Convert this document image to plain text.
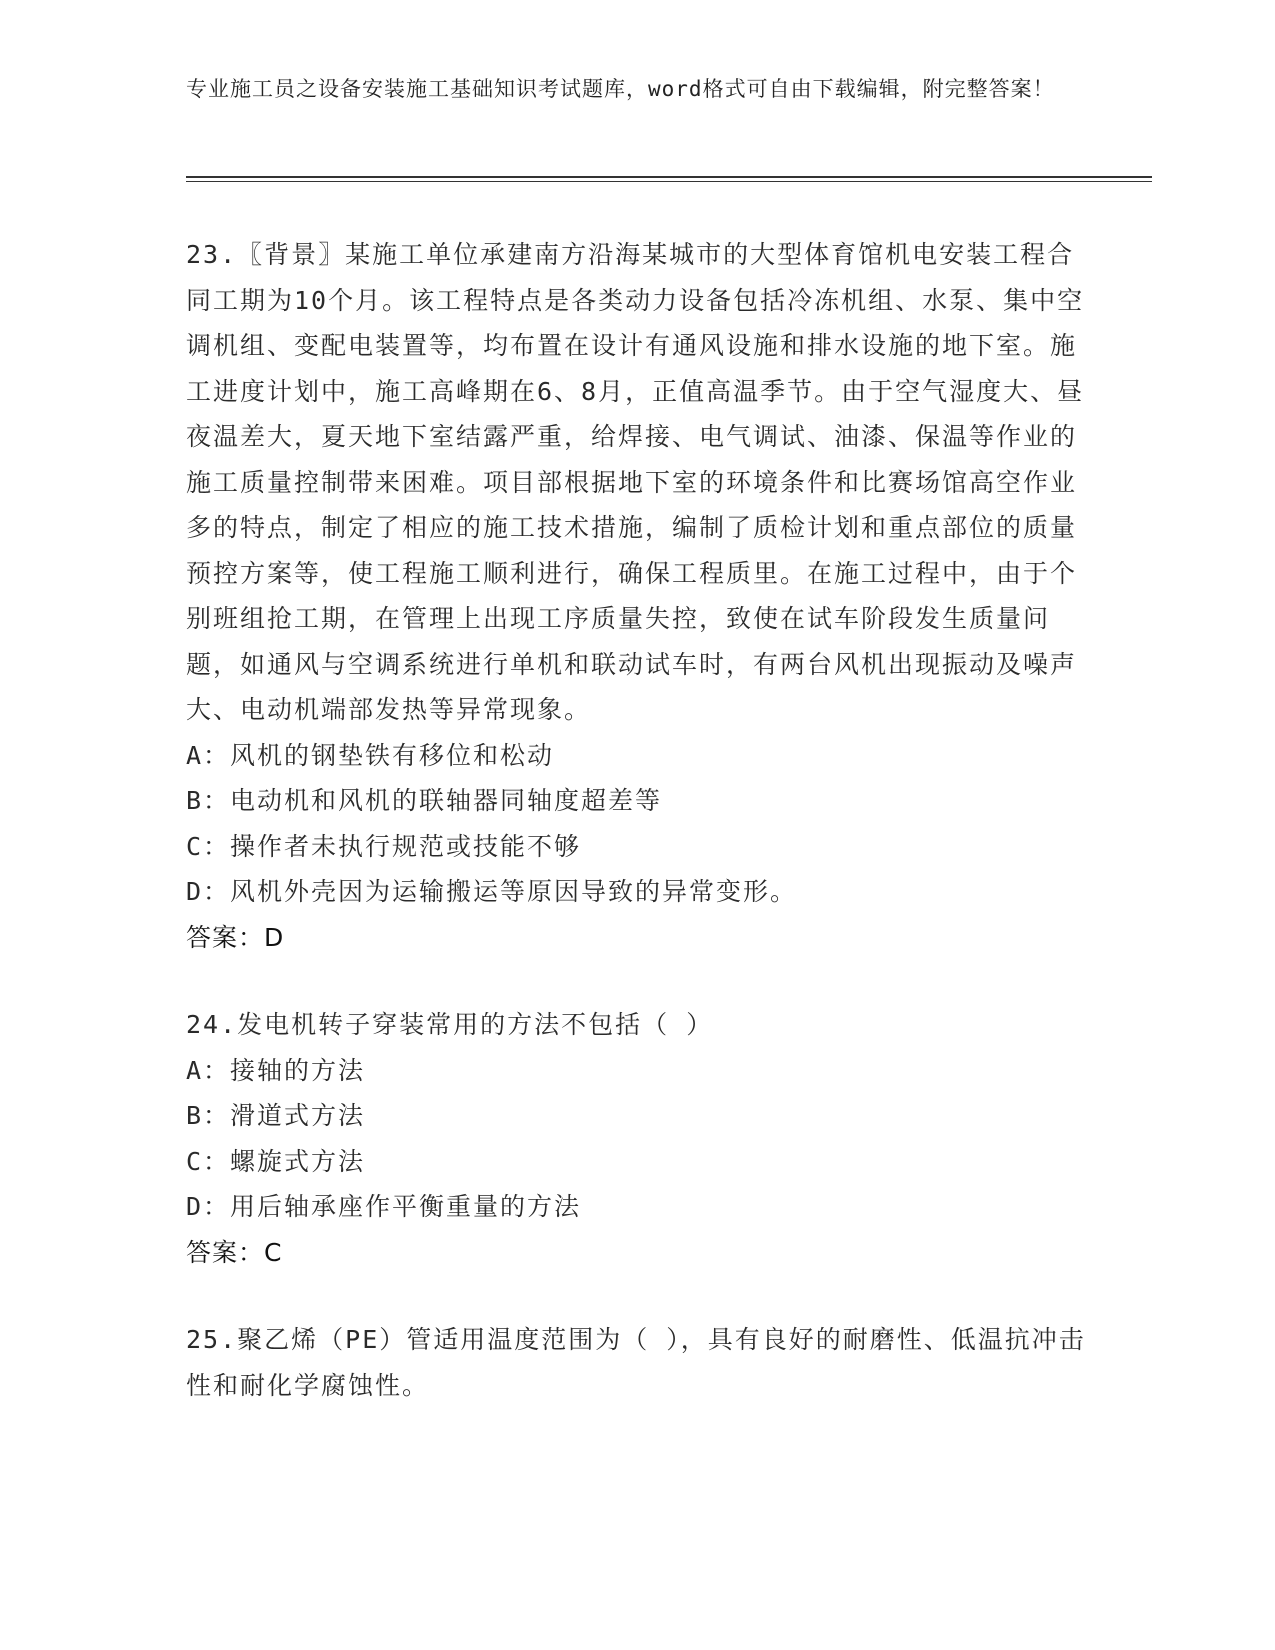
专业施工员之设备安装施工基础知识考试题库，word格式可自由下载编辑，附完整答案！

23.〖背景〗某施工单位承建南方沿海某城市的大型体育馆机电安装工程合同工期为10个月。该工程特点是各类动力设备包括冷冻机组、水泵、集中空调机组、变配电装置等，均布置在设计有通风设施和排水设施的地下室。施工进度计划中，施工高峰期在6、8月，正值高温季节。由于空气湿度大、昼夜温差大，夏天地下室结露严重，给焊接、电气调试、油漆、保温等作业的施工质量控制带来困难。项目部根据地下室的环境条件和比赛场馆高空作业多的特点，制定了相应的施工技术措施，编制了质检计划和重点部位的质量预控方案等，使工程施工顺利进行，确保工程质里。在施工过程中，由于个别班组抢工期，在管理上出现工序质量失控，致使在试车阶段发生质量问题，如通风与空调系统进行单机和联动试车时，有两台风机出现振动及噪声大、电动机端部发热等异常现象。

A：风机的钢垫铁有移位和松动

B：电动机和风机的联轴器同轴度超差等

C：操作者未执行规范或技能不够

D：风机外壳因为运输搬运等原因导致的异常变形。

答案：D

24.发电机转子穿装常用的方法不包括（ ）

A：接轴的方法

B：滑道式方法

C：螺旋式方法

D：用后轴承座作平衡重量的方法

答案：C

25.聚乙烯（PE）管适用温度范围为（ ），具有良好的耐磨性、低温抗冲击性和耐化学腐蚀性。
